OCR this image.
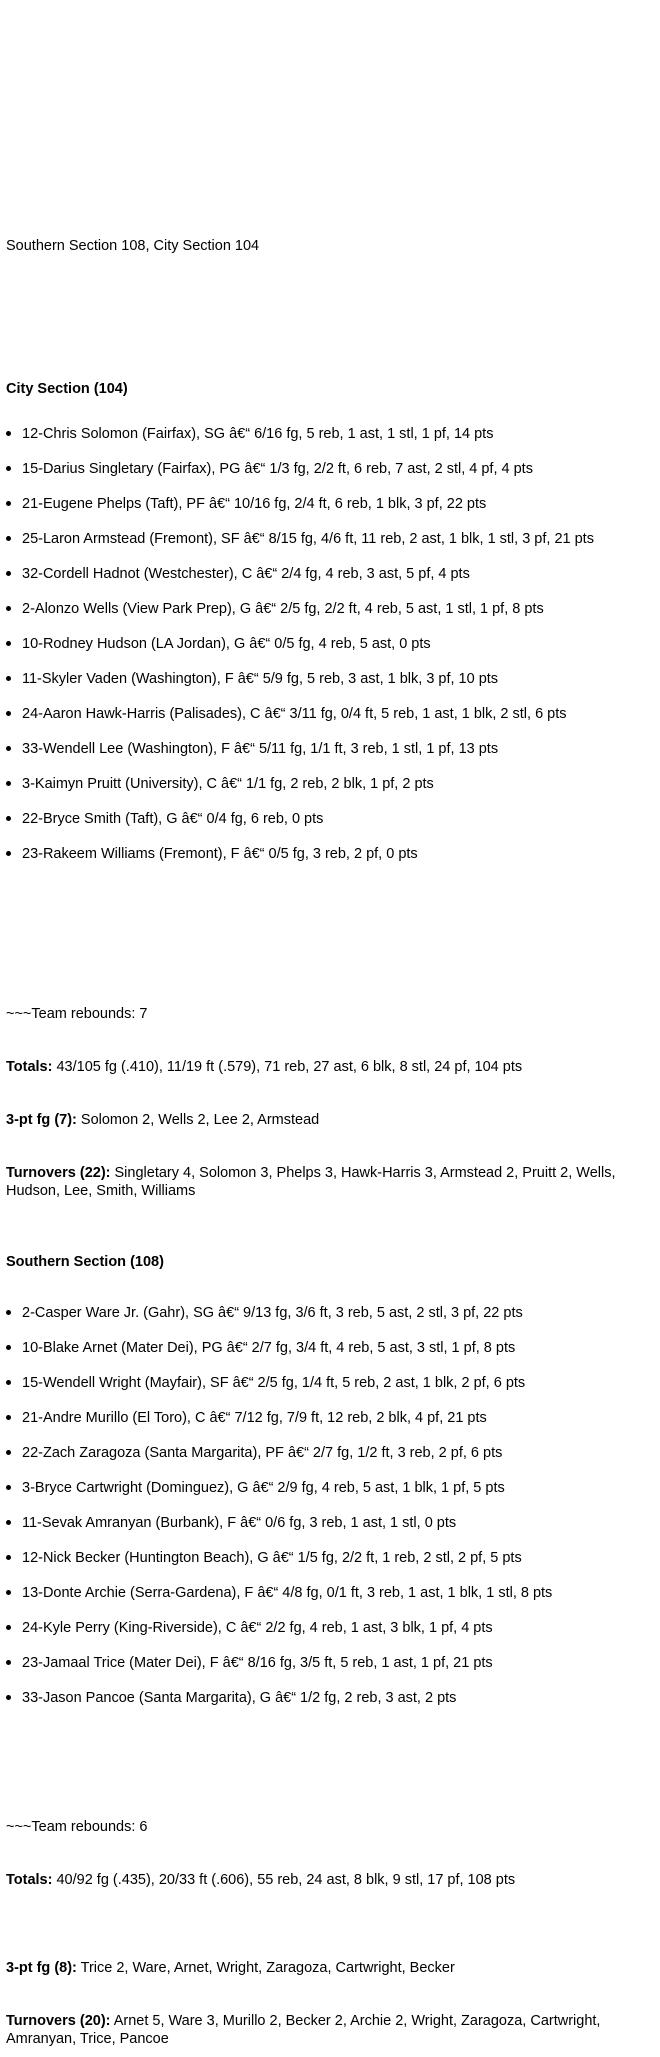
Southern Section 108, City Section 104

City Section (104)

12-Chris Solomon (Fairfax), SG â€“ 6/16 fg, 5 reb, 1 ast, 1 stl, 1 pf, 14 pts
15-Darius Singletary (Fairfax), PG â€“ 1/3 fg, 2/2 ft, 6 reb, 7 ast, 2 stl, 4 pf, 4 pts
21-Eugene Phelps (Taft), PF â€“ 10/16 fg, 2/4 ft, 6 reb, 1 blk, 3 pf, 22 pts
25-Laron Armstead (Fremont), SF â€“ 8/15 fg, 4/6 ft, 11 reb, 2 ast, 1 blk, 1 stl, 3 pf, 21 pts
32-Cordell Hadnot (Westchester), C â€“ 2/4 fg, 4 reb, 3 ast, 5 pf, 4 pts
2-Alonzo Wells (View Park Prep), G â€“ 2/5 fg, 2/2 ft, 4 reb, 5 ast, 1 stl, 1 pf, 8 pts
10-Rodney Hudson (LA Jordan), G â€“ 0/5 fg, 4 reb, 5 ast, 0 pts
11-Skyler Vaden (Washington), F â€“ 5/9 fg, 5 reb, 3 ast, 1 blk, 3 pf, 10 pts
24-Aaron Hawk-Harris (Palisades), C â€“ 3/11 fg, 0/4 ft, 5 reb, 1 ast, 1 blk, 2 stl, 6 pts
33-Wendell Lee (Washington), F â€“ 5/11 fg, 1/1 ft, 3 reb, 1 stl, 1 pf, 13 pts
3-Kaimyn Pruitt (University), C â€“ 1/1 fg, 2 reb, 2 blk, 1 pf, 2 pts
22-Bryce Smith (Taft), G â€“ 0/4 fg, 6 reb, 0 pts
23-Rakeem Williams (Fremont), F â€“ 0/5 fg, 3 reb, 2 pf, 0 pts

~~~Team rebounds: 7

Totals: 43/105 fg (.410), 11/19 ft (.579), 71 reb, 27 ast, 6 blk, 8 stl, 24 pf, 104 pts

3-pt fg (7): Solomon 2, Wells 2, Lee 2, Armstead

Turnovers (22): Singletary 4, Solomon 3, Phelps 3, Hawk-Harris 3, Armstead 2, Pruitt 2, Wells, Hudson, Lee, Smith, Williams

Southern Section (108)

2-Casper Ware Jr. (Gahr), SG â€“ 9/13 fg, 3/6 ft, 3 reb, 5 ast, 2 stl, 3 pf, 22 pts
10-Blake Arnet (Mater Dei), PG â€“ 2/7 fg, 3/4 ft, 4 reb, 5 ast, 3 stl, 1 pf, 8 pts
15-Wendell Wright (Mayfair), SF â€“ 2/5 fg, 1/4 ft, 5 reb, 2 ast, 1 blk, 2 pf, 6 pts
21-Andre Murillo (El Toro), C â€“ 7/12 fg, 7/9 ft, 12 reb, 2 blk, 4 pf, 21 pts
22-Zach Zaragoza (Santa Margarita), PF â€“ 2/7 fg, 1/2 ft, 3 reb, 2 pf, 6 pts
3-Bryce Cartwright (Dominguez), G â€“ 2/9 fg, 4 reb, 5 ast, 1 blk, 1 pf, 5 pts
11-Sevak Amranyan (Burbank), F â€“ 0/6 fg, 3 reb, 1 ast, 1 stl, 0 pts
12-Nick Becker (Huntington Beach), G â€“ 1/5 fg, 2/2 ft, 1 reb, 2 stl, 2 pf, 5 pts
13-Donte Archie (Serra-Gardena), F â€“ 4/8 fg, 0/1 ft, 3 reb, 1 ast, 1 blk, 1 stl, 8 pts
24-Kyle Perry (King-Riverside), C â€“ 2/2 fg, 4 reb, 1 ast, 3 blk, 1 pf, 4 pts
23-Jamaal Trice (Mater Dei), F â€“ 8/16 fg, 3/5 ft, 5 reb, 1 ast, 1 pf, 21 pts
33-Jason Pancoe (Santa Margarita), G â€“ 1/2 fg, 2 reb, 3 ast, 2 pts

~~~Team rebounds: 6

Totals: 40/92 fg (.435), 20/33 ft (.606), 55 reb, 24 ast, 8 blk, 9 stl, 17 pf, 108 pts

3-pt fg (8): Trice 2, Ware, Arnet, Wright, Zaragoza, Cartwright, Becker

Turnovers (20): Arnet 5, Ware 3, Murillo 2, Becker 2, Archie 2, Wright, Zaragoza, Cartwright, Amranyan, Trice, Pancoe
